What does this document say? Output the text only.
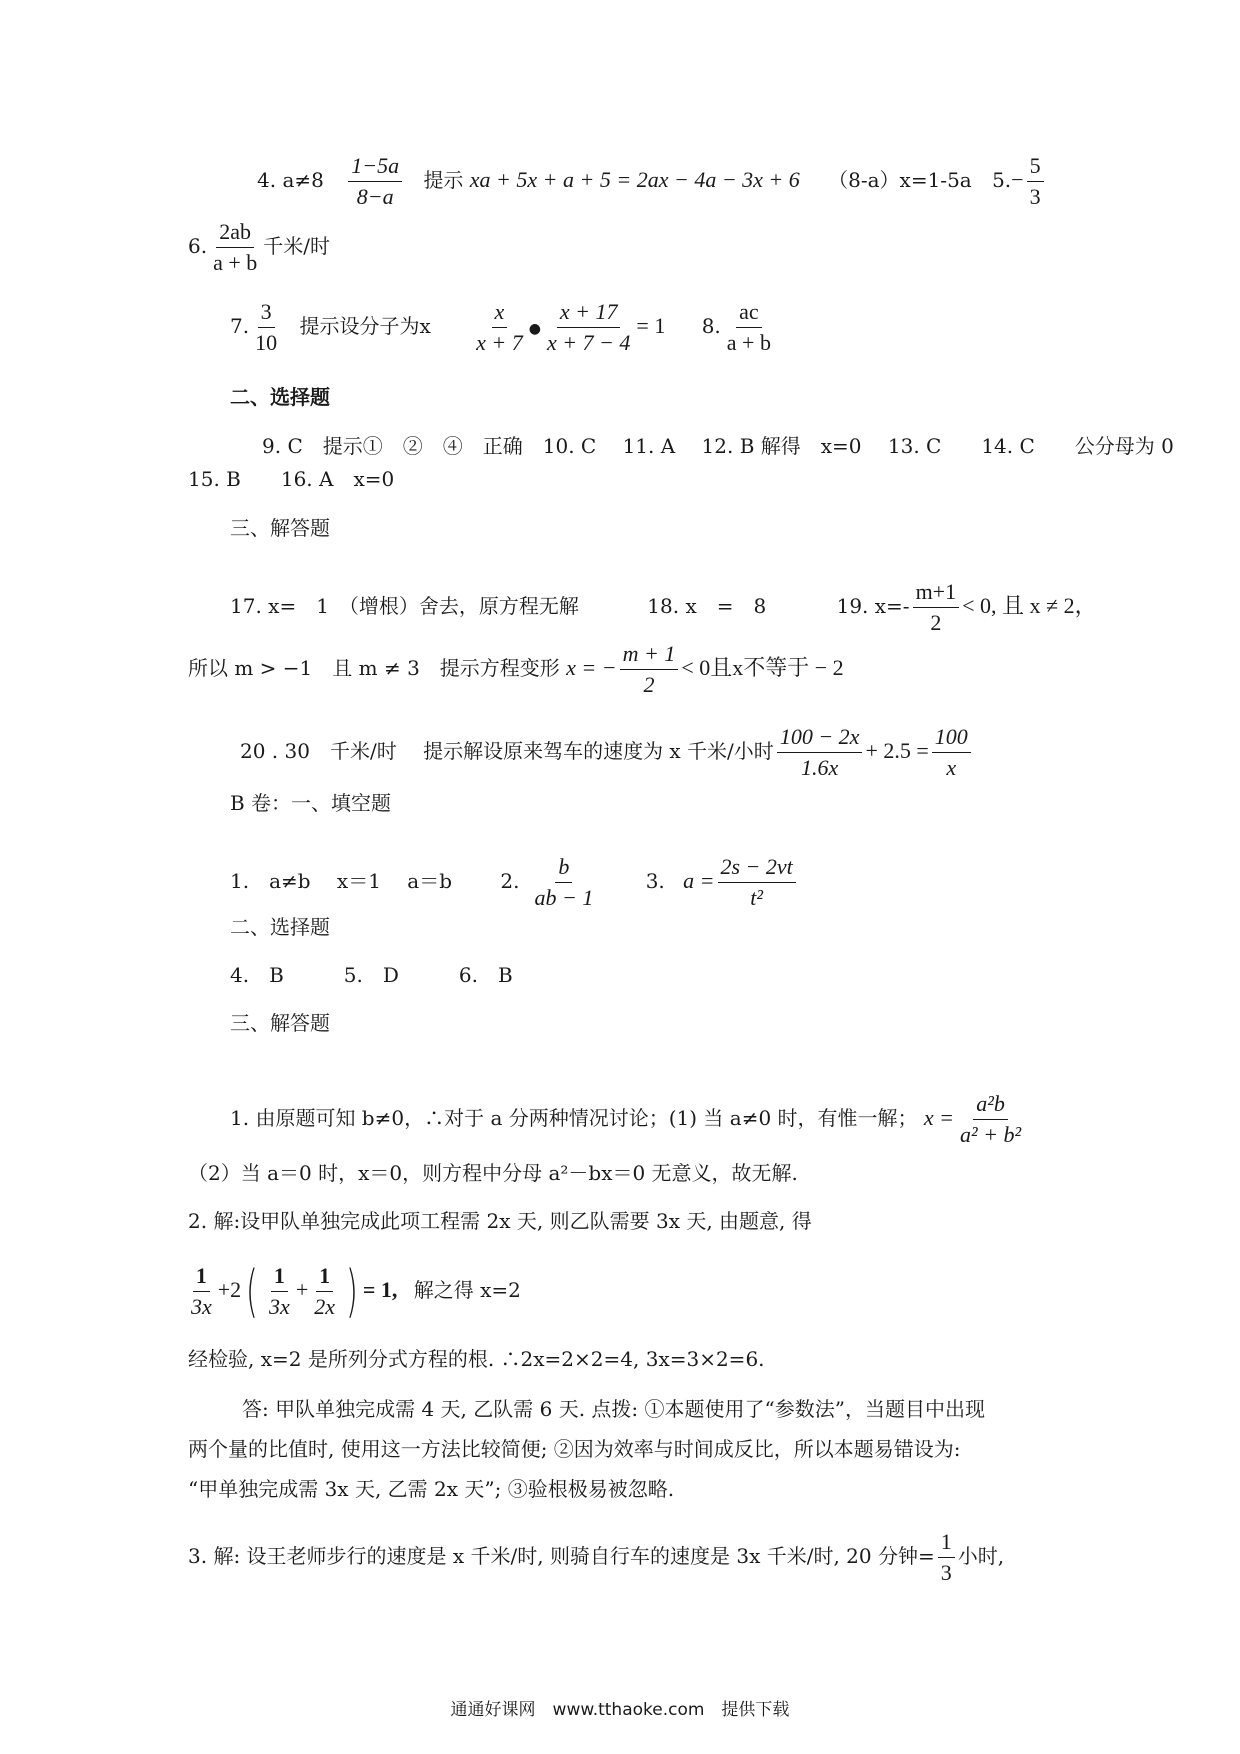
4. $a\ne 8 \frac{1-5a}{8-a}$ 提示 xa + 5x + a + 5 = 2ax − 4a − 3x + 6 （8-a）x=1-5a $5.- \frac{5}{3}$
6. $\frac{2ab}{a + b}$ 千米/时
7. $\frac{3}{10}$ 提示设分子为x $\frac{x}{x + 7}$ ● $\frac{x + 17}{x + 7 - 4} = 1$ 8. $\frac{ac}{a + b}$
二、选择题
9. C　提示①　②　④　正确　10. C　 11. A　 12. B 解得　x=0　 13. C　　14. C　　公分母为 0
15. B　　16. A　x=0
三、解答题
17. x=　1　（增根）舍去，原方程无解	18. x　=　8	19. $x=- \frac{m+1}{2} < 0$, 且 x ≠ 2，
所以 m > −1　且 m ≠ 3　提示方程变形 x = − $\frac{m + 1}{2} < 0$且x不等于 − 2
20 . 30　千米/时　 提示解设原来驾车的速度为 x 千米/小时 $\frac{100 - 2x}{1.6x} + 2.5 = \frac{100}{x}$
B 卷：一、填空题
1.　a≠b　 x＝1　 a＝b 2. $\frac{b}{ab - 1} 3$. $a = \frac{2s - 2vt}{\text{t²}}$
二、选择题
4.　B　　　5.　D　　　6.　B
三、解答题
1. 由原题可知 b≠0，∴对于 a 分两种情况讨论；(1) 当 a≠0 时，有惟一解； $x = \frac{\text{a²b}}{\text{a² + b²}}$
（2）当 a＝0 时，x＝0，则方程中分母 a²－bx＝0 无意义，故无解.
2. 解:设甲队单独完成此项工程需 2x 天, 则乙队需要 3x 天, 由题意, 得
$\frac{1}{3x} +2( \frac{1}{3x} + \frac{1}{2x}$ ) = 1, 解之得 x=2
经检验, x=2 是所列分式方程的根. ∴2x=2×2=4, 3x=3×2=6.
答: 甲队单独完成需 4 天, 乙队需 6 天. 点拨: ①本题使用了“参数法”，当题目中出现
两个量的比值时, 使用这一方法比较简便; ②因为效率与时间成反比，所以本题易错设为:
“甲单独完成需 3x 天, 乙需 2x 天”; ③验根极易被忽略.
3. 解: 设王老师步行的速度是 x 千米/时, 则骑自行车的速度是 3x 千米/时, 20 分钟= $\frac{1}{3}$ 小时,
通通好课网　www.tthaoke.com　提供下载
